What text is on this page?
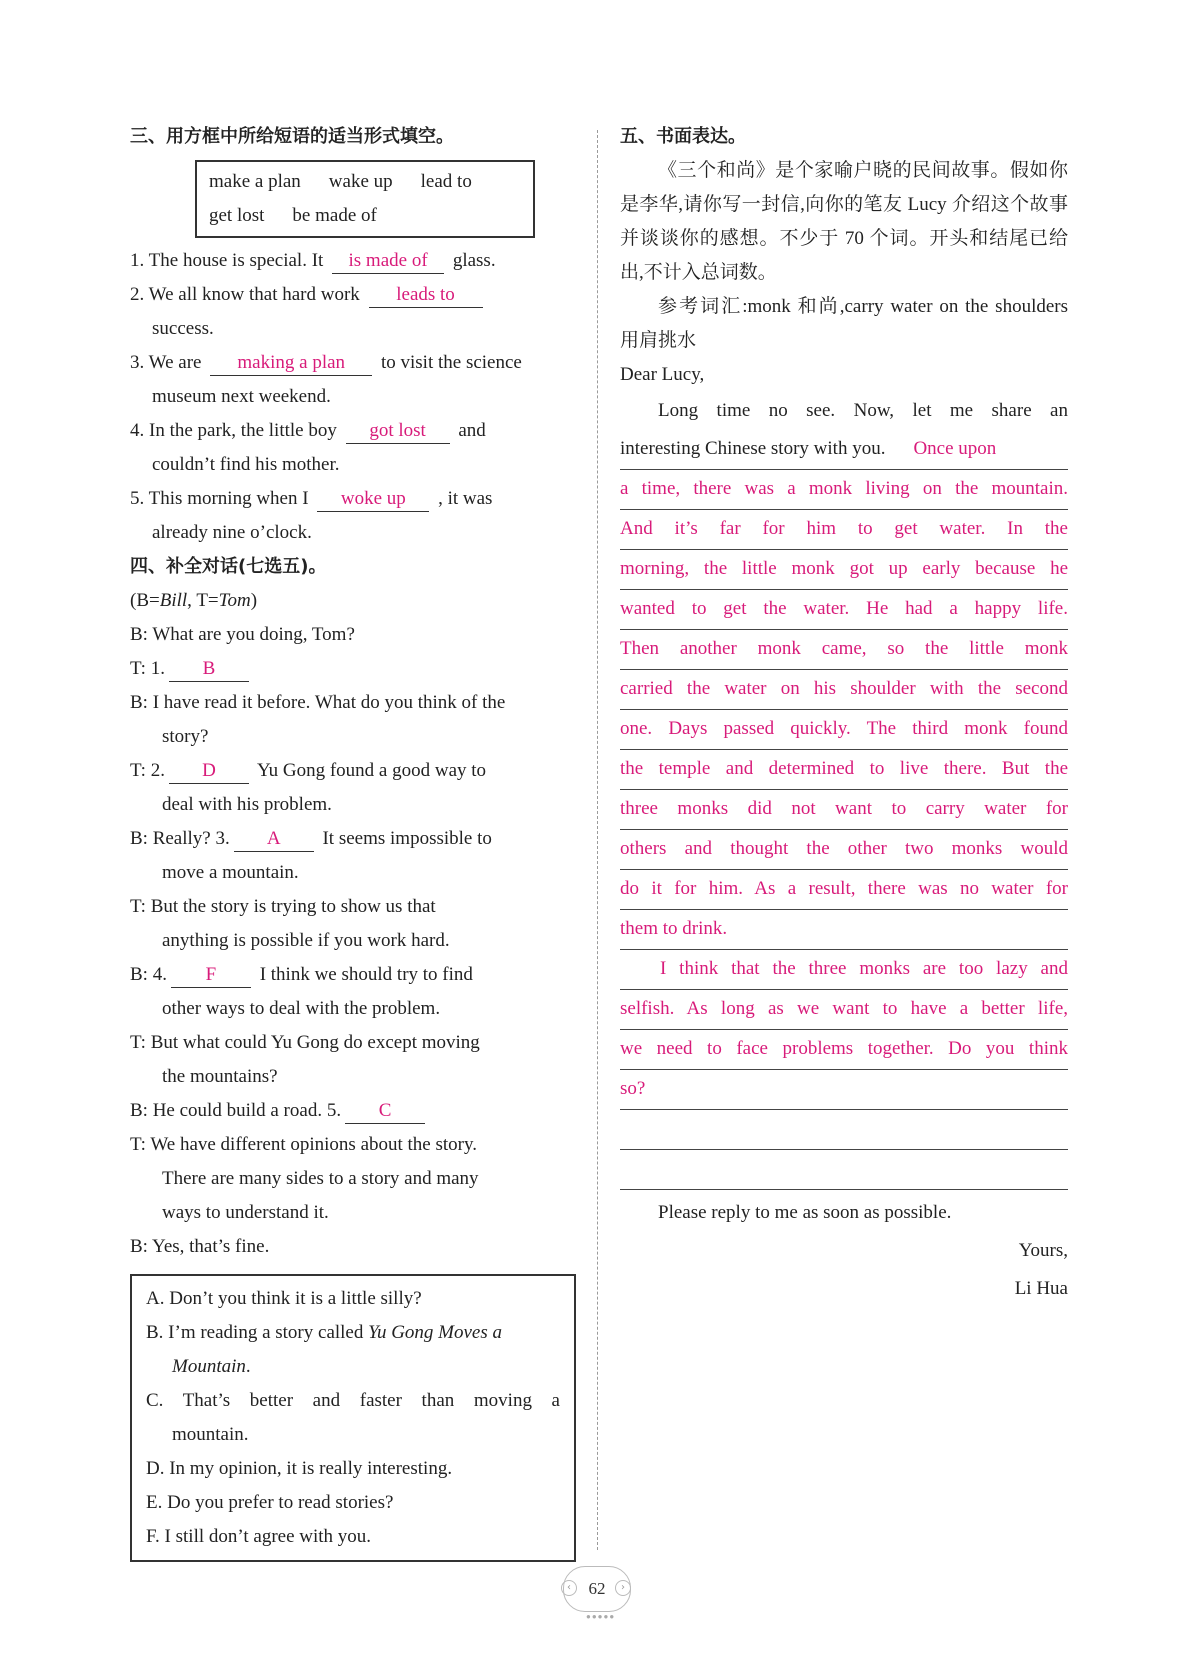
三、用方框中所给短语的适当形式填空。
make a plan wake up lead to
get lost be made of
1. The house is special. It is made of glass.
2. We all know that hard work leads to
success.
3. We are making a plan to visit the science
museum next weekend.
4. In the park, the little boy got lost and
couldn’t find his mother.
5. This morning when I woke up , it was
already nine o’clock.
四、补全对话(七选五)。
(B=Bill, T=Tom)
B: What are you doing, Tom?
T: 1. B
B: I have read it before. What do you think of the
story?
T: 2. D Yu Gong found a good way to
deal with his problem.
B: Really? 3. A It seems impossible to
move a mountain.
T: But the story is trying to show us that
anything is possible if you work hard.
B: 4. F I think we should try to find
other ways to deal with the problem.
T: But what could Yu Gong do except moving
the mountains?
B: He could build a road. 5. C
T: We have different opinions about the story.
There are many sides to a story and many
ways to understand it.
B: Yes, that’s fine.
A. Don’t you think it is a little silly?
B. I’m reading a story called Yu Gong Moves a
Mountain.
C. That’s better and faster than moving a
mountain.
D. In my opinion, it is really interesting.
E. Do you prefer to read stories?
F. I still don’t agree with you.
五、书面表达。
《三个和尚》是个家喻户晓的民间故事。假如你是李华,请你写一封信,向你的笔友 Lucy 介绍这个故事并谈谈你的感想。不少于 70 个词。开头和结尾已给出,不计入总词数。
参考词汇:monk 和尚,carry water on the shoulders 用肩挑水
Dear Lucy,
Long time no see. Now, let me share an
interesting Chinese story with you. Once upon
a time, there was a monk living on the mountain.
And it’s far for him to get water. In the
morning, the little monk got up early because he
wanted to get the water. He had a happy life.
Then another monk came, so the little monk
carried the water on his shoulder with the second
one. Days passed quickly. The third monk found
the temple and determined to live there. But the
three monks did not want to carry water for
others and thought the other two monks would
do it for him. As a result, there was no water for
them to drink.
I think that the three monks are too lazy and
selfish. As long as we want to have a better life,
we need to face problems together. Do you think
so?
Please reply to me as soon as possible.
Yours,
Li Hua
62
‹	›
●●●●●
